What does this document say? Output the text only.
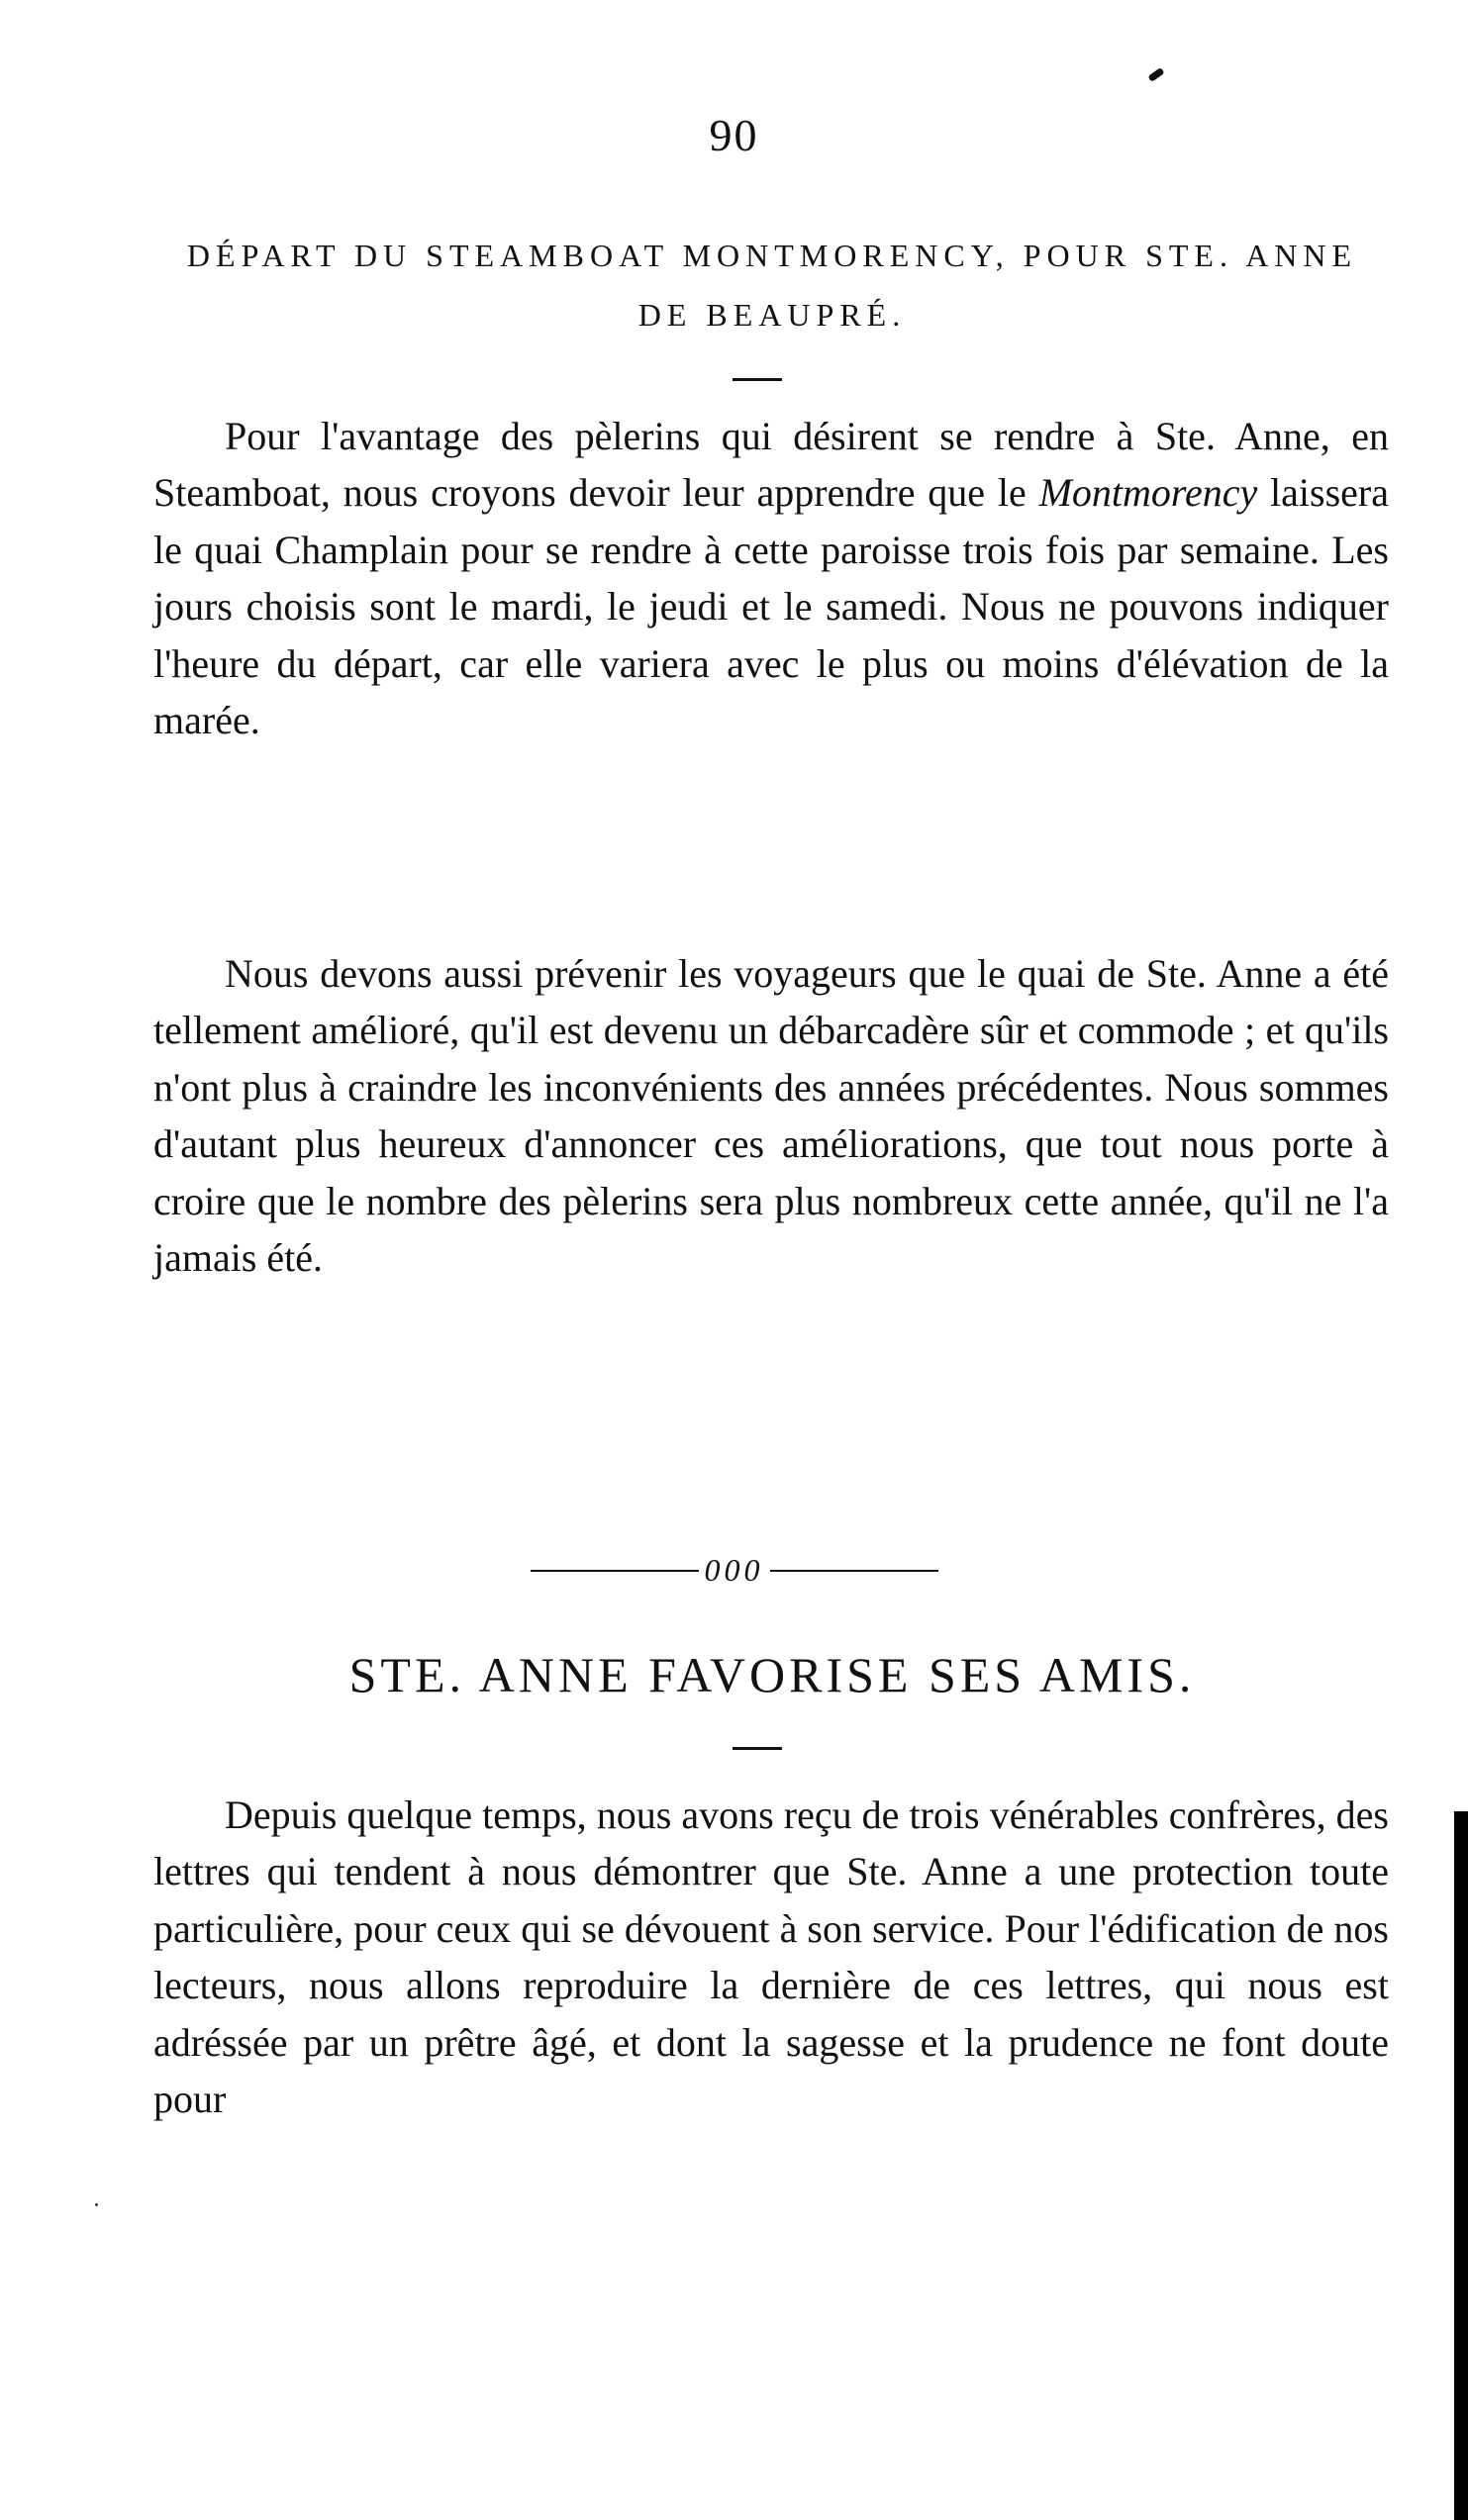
90
DÉPART DU STEAMBOAT MONTMORENCY, POUR STE. ANNE DE BEAUPRÉ.

Pour l'avantage des pèlerins qui désirent se rendre à Ste. Anne, en Steamboat, nous croyons devoir leur apprendre que le Montmorency laissera le quai Champlain pour se rendre à cette paroisse trois fois par semaine. Les jours choisis sont le mardi, le jeudi et le samedi. Nous ne pouvons indiquer l'heure du départ, car elle variera avec le plus ou moins d'élévation de la marée.

Nous devons aussi prévenir les voyageurs que le quai de Ste. Anne a été tellement amélioré, qu'il est devenu un débarcadère sûr et commode ; et qu'ils n'ont plus à craindre les inconvénients des années précédentes. Nous sommes d'autant plus heureux d'annoncer ces améliorations, que tout nous porte à croire que le nombre des pèlerins sera plus nombreux cette année, qu'il ne l'a jamais été.

000
STE. ANNE FAVORISE SES AMIS.

Depuis quelque temps, nous avons reçu de trois vénérables confrères, des lettres qui tendent à nous démontrer que Ste. Anne a une protection toute particulière, pour ceux qui se dévouent à son service. Pour l'édification de nos lecteurs, nous allons reproduire la dernière de ces lettres, qui nous est adréssée par un prêtre âgé, et dont la sagesse et la prudence ne font doute pour
